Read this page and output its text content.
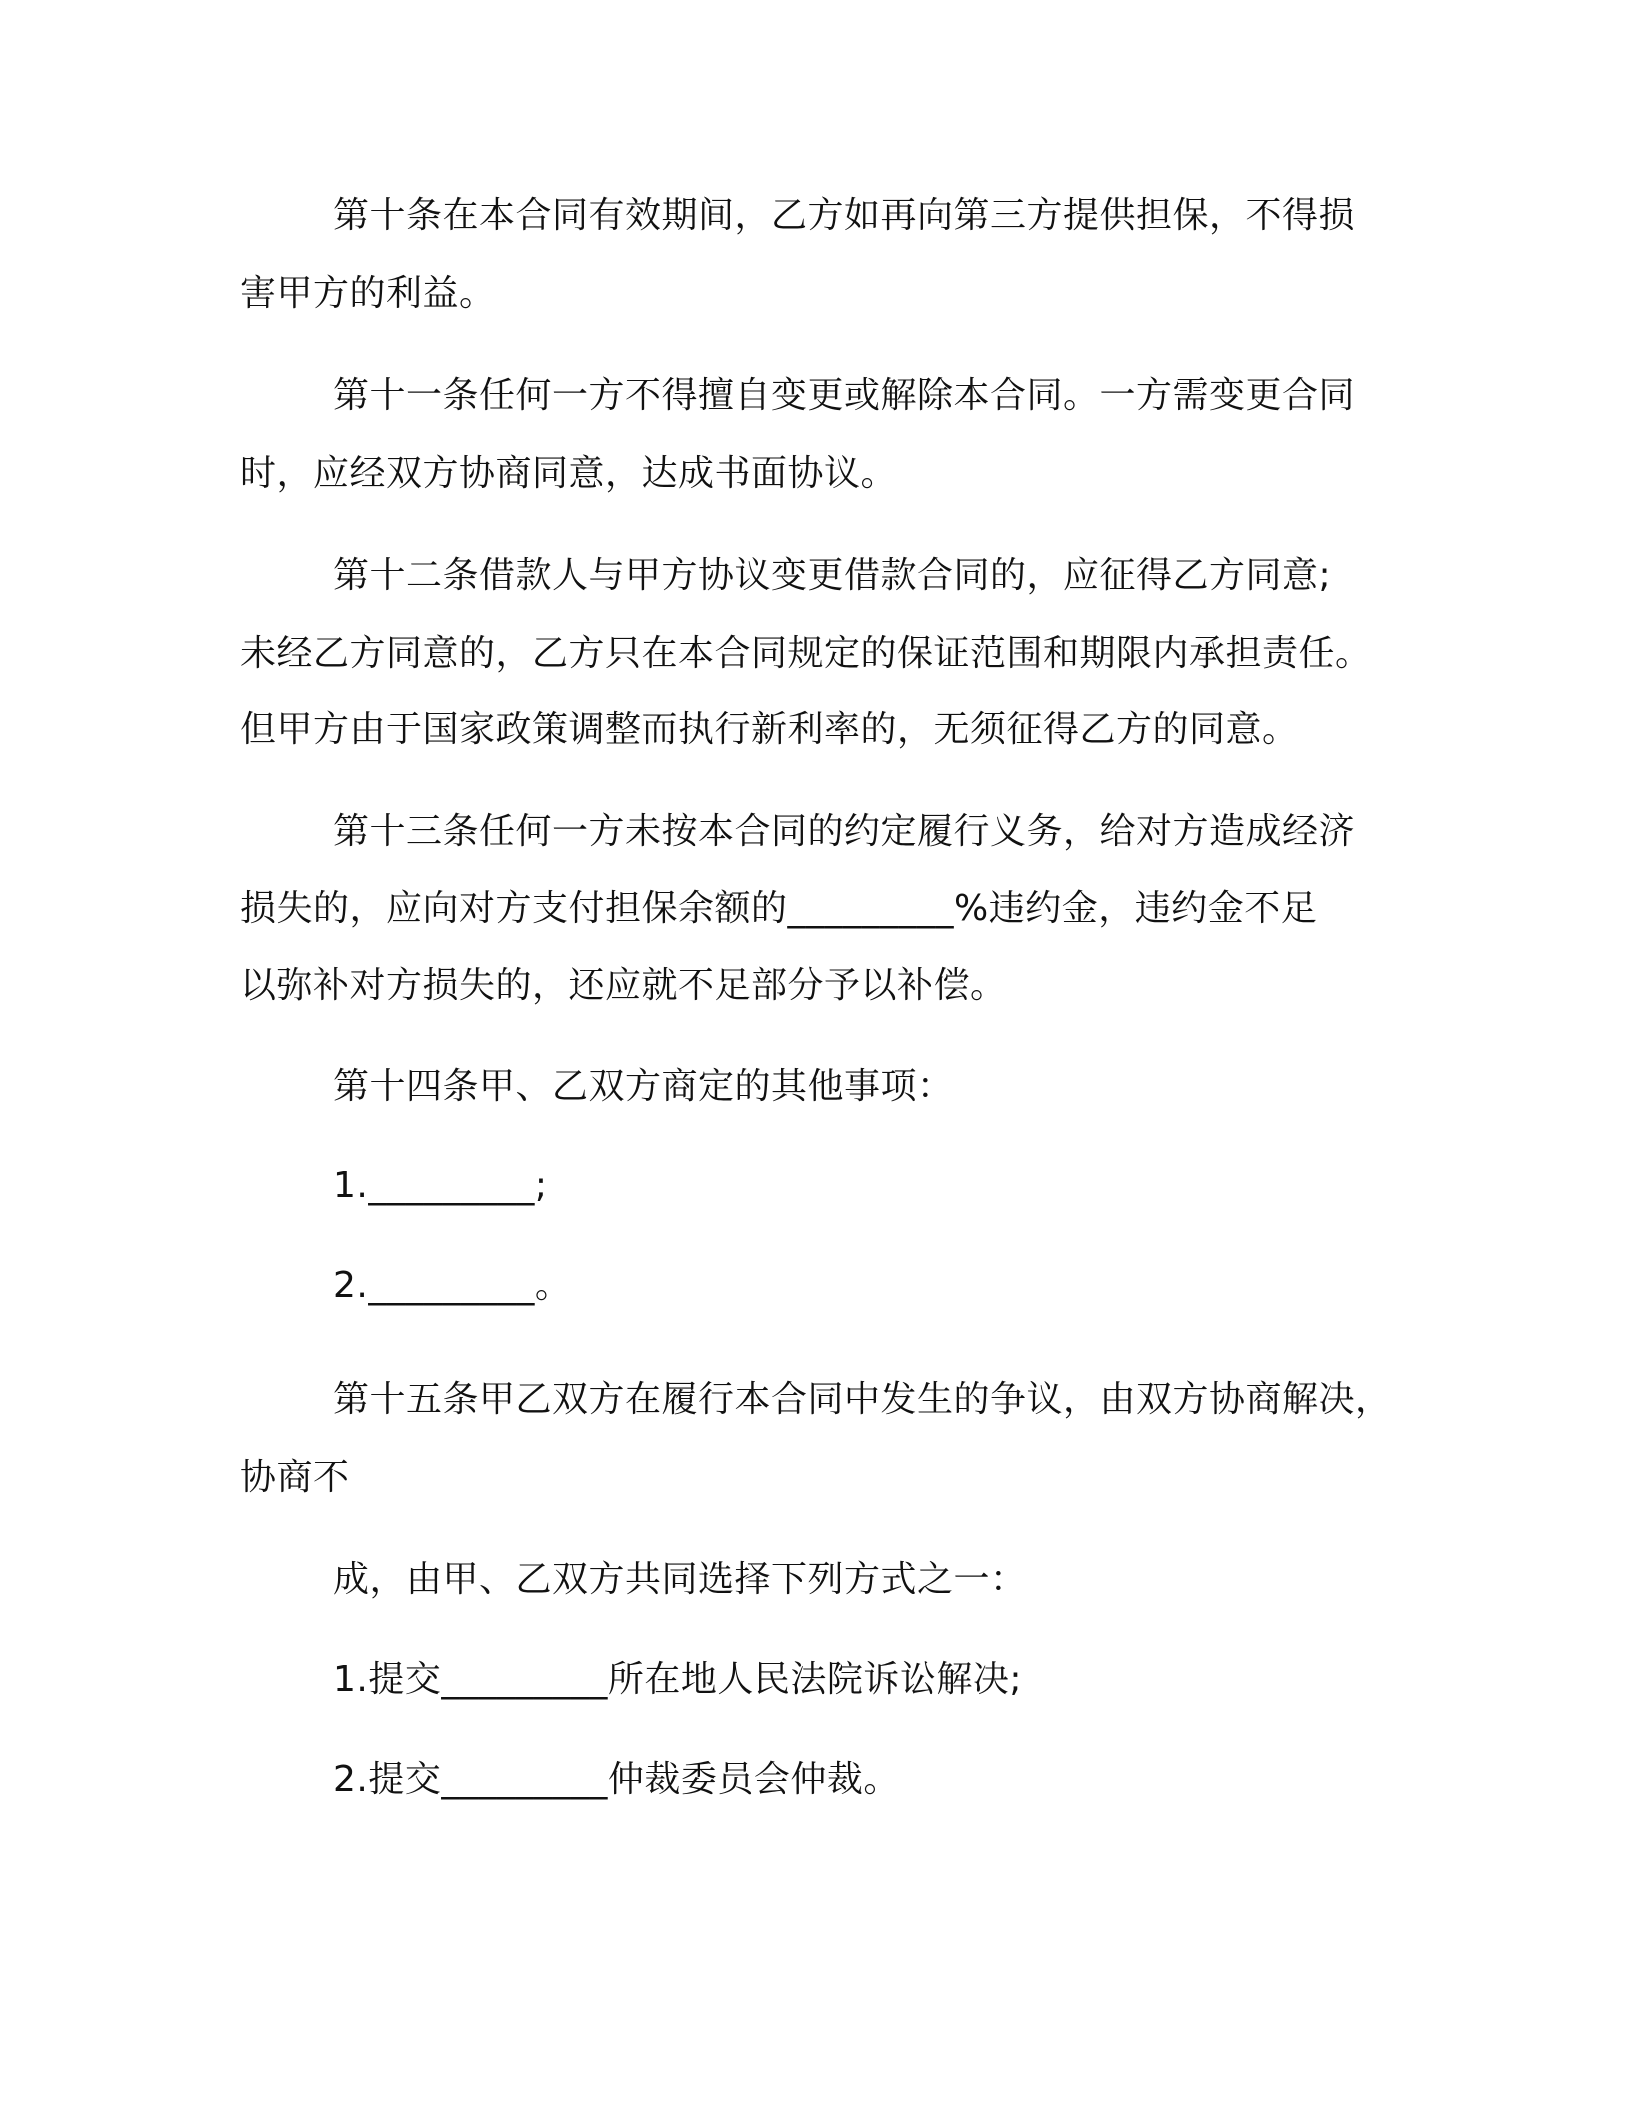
第十条在本合同有效期间，乙方如再向第三方提供担保，不得损
害甲方的利益。
第十一条任何一方不得擅自变更或解除本合同。一方需变更合同
时，应经双方协商同意，达成书面协议。
第十二条借款人与甲方协议变更借款合同的，应征得乙方同意;
未经乙方同意的，乙方只在本合同规定的保证范围和期限内承担责任。
但甲方由于国家政策调整而执行新利率的，无须征得乙方的同意。
第十三条任何一方未按本合同的约定履行义务，给对方造成经济
损失的，应向对方支付担保余额的_________%违约金，违约金不足
以弥补对方损失的，还应就不足部分予以补偿。
第十四条甲、乙双方商定的其他事项：
1._________;
2._________。
第十五条甲乙双方在履行本合同中发生的争议，由双方协商解决，
协商不
成，由甲、乙双方共同选择下列方式之一：
1.提交_________所在地人民法院诉讼解决;
2.提交_________仲裁委员会仲裁。
